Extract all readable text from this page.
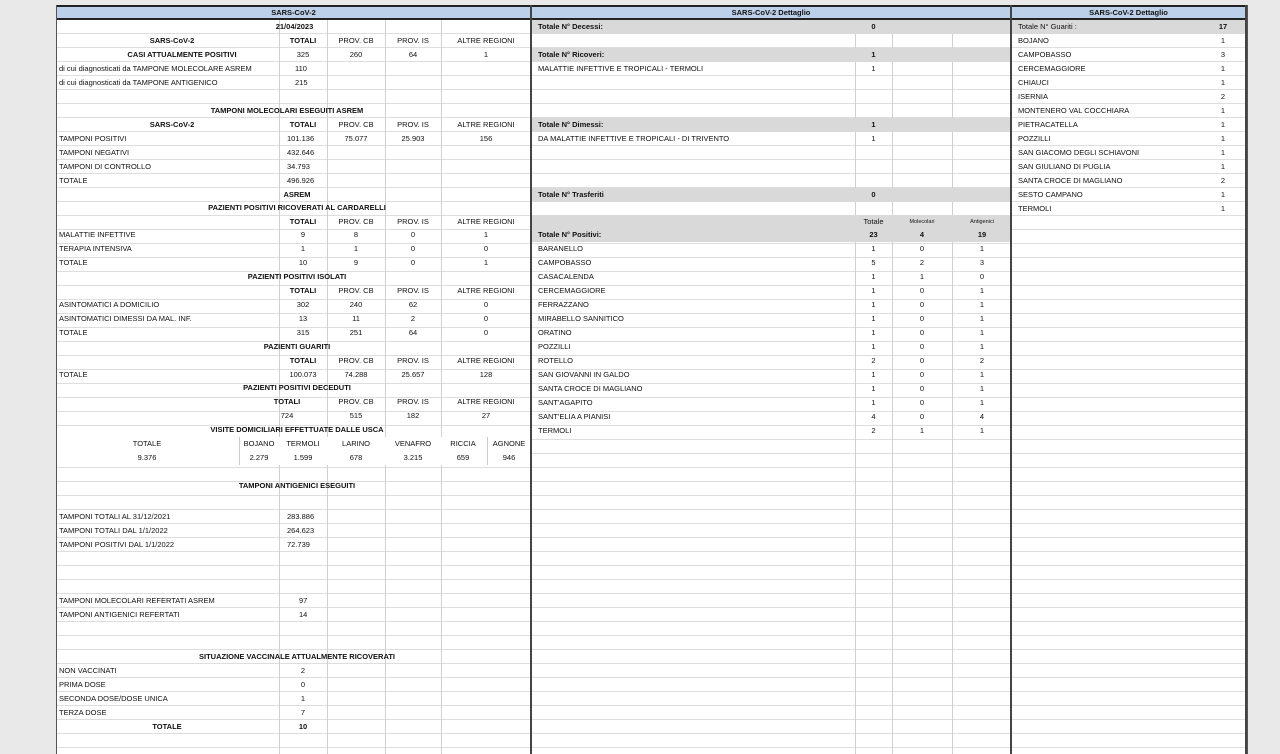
SARS-CoV-2
21/04/2023
SARS-CoV-2	TOTALI	PROV. CB	PROV. IS	ALTRE REGIONI
CASI ATTUALMENTE POSITIVI	325	260	64	1
di cui diagnosticati da TAMPONE MOLECOLARE ASREM	110
di cui diagnosticati da TAMPONE ANTIGENICO	215
TAMPONI MOLECOLARI ESEGUITI ASREM
SARS-CoV-2	TOTALI	PROV. CB	PROV. IS	ALTRE REGIONI
TAMPONI POSITIVI	101.136	75.077	25.903	156
TAMPONI NEGATIVI	432.646
TAMPONI DI CONTROLLO	34.793
TOTALE	496.926
ASREM
PAZIENTI POSITIVI RICOVERATI AL CARDARELLI
TOTALI	PROV. CB	PROV. IS	ALTRE REGIONI
MALATTIE INFETTIVE	9	8	0	1
TERAPIA INTENSIVA	1	1	0	0
TOTALE	10	9	0	1
PAZIENTI POSITIVI ISOLATI
TOTALI	PROV. CB	PROV. IS	ALTRE REGIONI
ASINTOMATICI A DOMICILIO	302	240	62	0
ASINTOMATICI DIMESSI DA MAL. INF.	13	11	2	0
TOTALE	315	251	64	0
PAZIENTI GUARITI
TOTALI	PROV. CB	PROV. IS	ALTRE REGIONI
TOTALE	100.073	74.288	25.657	128
PAZIENTI POSITIVI DECEDUTI
TOTALI	PROV. CB	PROV. IS	ALTRE REGIONI
724	515	182	27
VISITE DOMICILIARI EFFETTUATE DALLE USCA
TOTALE	BOJANO	TERMOLI	LARINO	VENAFRO	RICCIA	AGNONE
9.376	2.279	1.599	678	3.215	659	946
TAMPONI ANTIGENICI ESEGUITI
TAMPONI TOTALI AL 31/12/2021	283.886
TAMPONI TOTALI DAL 1/1/2022	264.623
TAMPONI POSITIVI DAL 1/1/2022	72.739
TAMPONI MOLECOLARI REFERTATI ASREM	97
TAMPONI ANTIGENICI REFERTATI	14
SITUAZIONE VACCINALE ATTUALMENTE RICOVERATI
NON VACCINATI	2
PRIMA DOSE	0
SECONDA DOSE/DOSE UNICA	1
TERZA DOSE	7
TOTALE	10
SARS-CoV-2 Dettaglio
Totale N° Decessi:	0
Totale N° Ricoveri:	1
MALATTIE INFETTIVE E TROPICALI - TERMOLI	1
Totale N° Dimessi:	1
DA MALATTIE INFETTIVE E TROPICALI - DI TRIVENTO	1
Totale N° Trasferiti	0
Totale	Molecolari	Antigenici
Totale N° Positivi:	23	4	19
BARANELLO	1	0	1
CAMPOBASSO	5	2	3
CASACALENDA	1	1	0
CERCEMAGGIORE	1	0	1
FERRAZZANO	1	0	1
MIRABELLO SANNITICO	1	0	1
ORATINO	1	0	1
POZZILLI	1	0	1
ROTELLO	2	0	2
SAN GIOVANNI IN GALDO	1	0	1
SANTA CROCE DI MAGLIANO	1	0	1
SANT'AGAPITO	1	0	1
SANT'ELIA A PIANISI	4	0	4
TERMOLI	2	1	1
SARS-CoV-2 Dettaglio
Totale N° Guariti :	17
BOJANO	1
CAMPOBASSO	3
CERCEMAGGIORE	1
CHIAUCI	1
ISERNIA	2
MONTENERO VAL COCCHIARA	1
PIETRACATELLA	1
POZZILLI	1
SAN GIACOMO DEGLI SCHIAVONI	1
SAN GIULIANO DI PUGLIA	1
SANTA CROCE DI MAGLIANO	2
SESTO CAMPANO	1
TERMOLI	1
